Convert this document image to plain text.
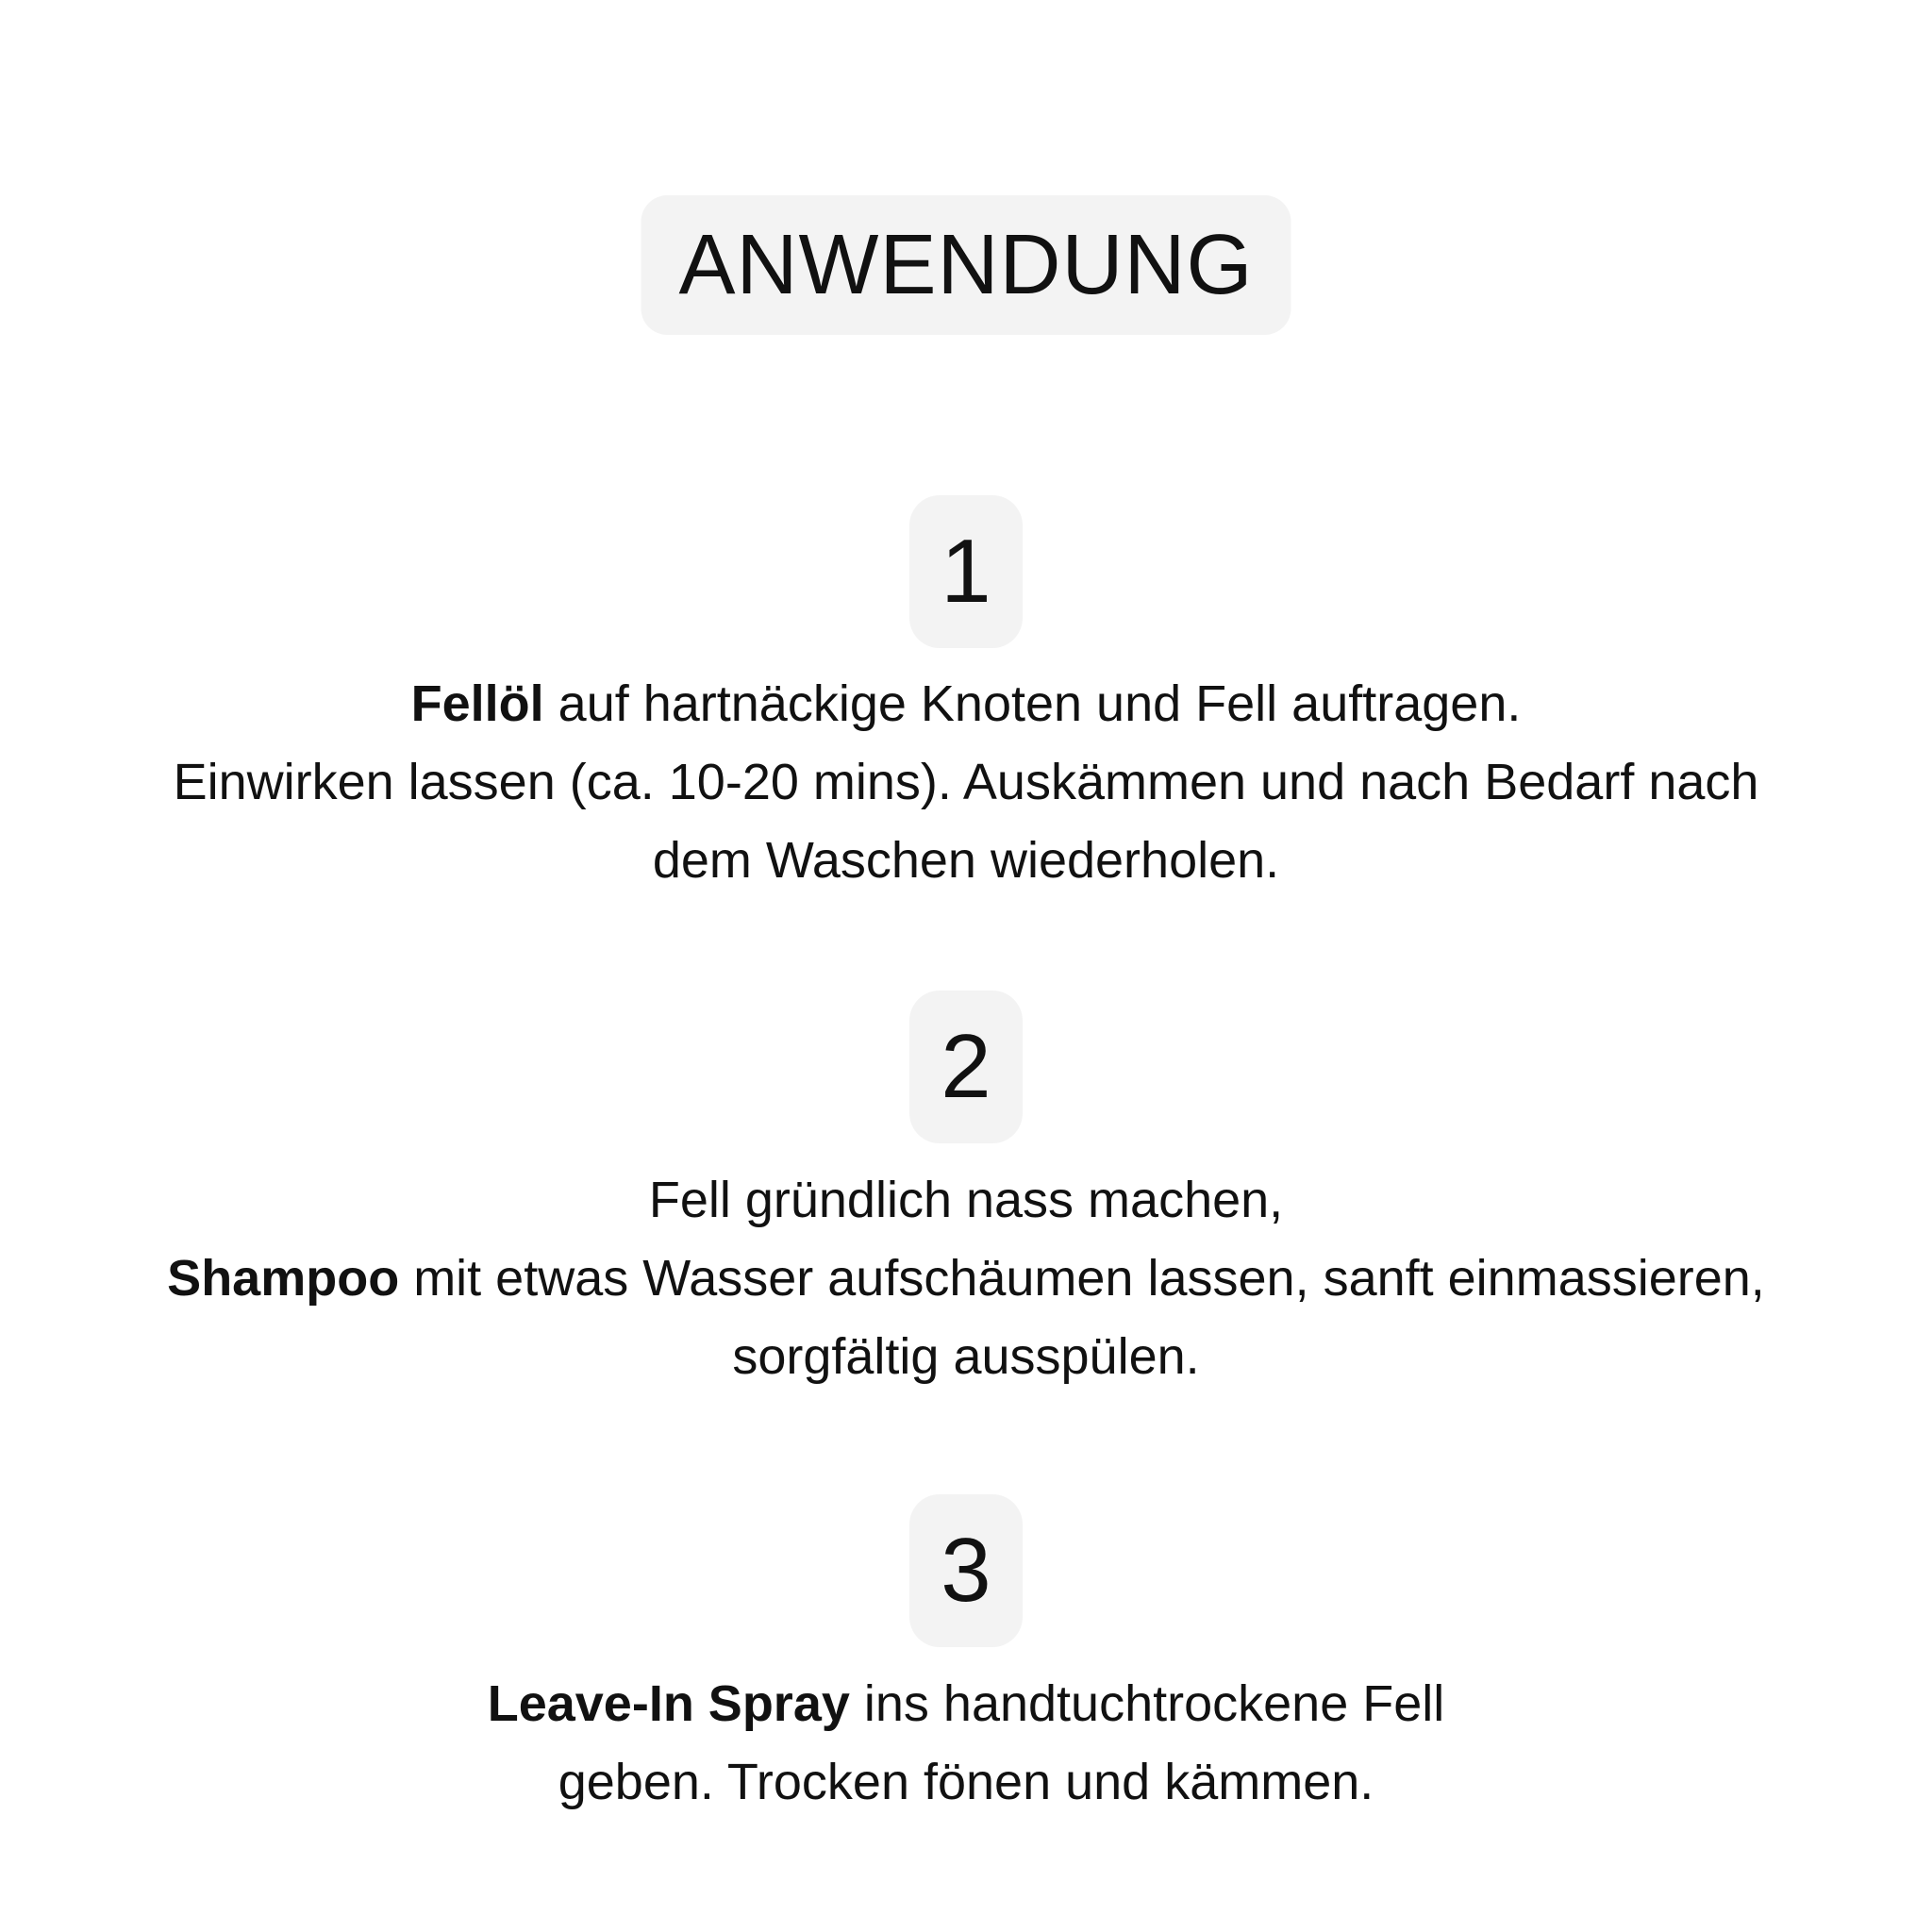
ANWENDUNG
1

Fellöl auf hartnäckige Knoten und Fell auftragen.
Einwirken lassen (ca. 10-20 mins). Auskämmen und nach Bedarf nach
dem Waschen wiederholen.

2

Fell gründlich nass machen,
Shampoo mit etwas Wasser aufschäumen lassen, sanft einmassieren,
sorgfältig ausspülen.

3

Leave-In Spray ins handtuchtrockene Fell
geben. Trocken fönen und kämmen.
